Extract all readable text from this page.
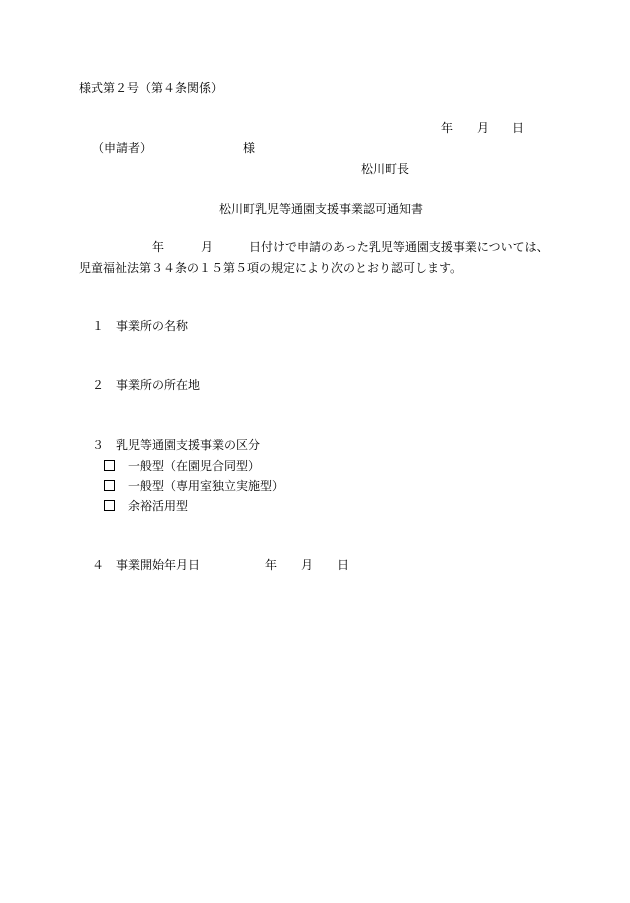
様式第２号（第４条関係）
年 月 日
（申請者）	様
松川町長
松川町乳児等通園支援事業認可通知書
年	月	日付けで申請のあった乳児等通園支援事業については、
児童福祉法第３４条の１５第５項の規定により次のとおり認可します。
１　事業所の名称
２　事業所の所在地
３　乳児等通園支援事業の区分
一般型（在園児合同型）
一般型（専用室独立実施型）
余裕活用型
４　事業開始年月日	年 月 日
